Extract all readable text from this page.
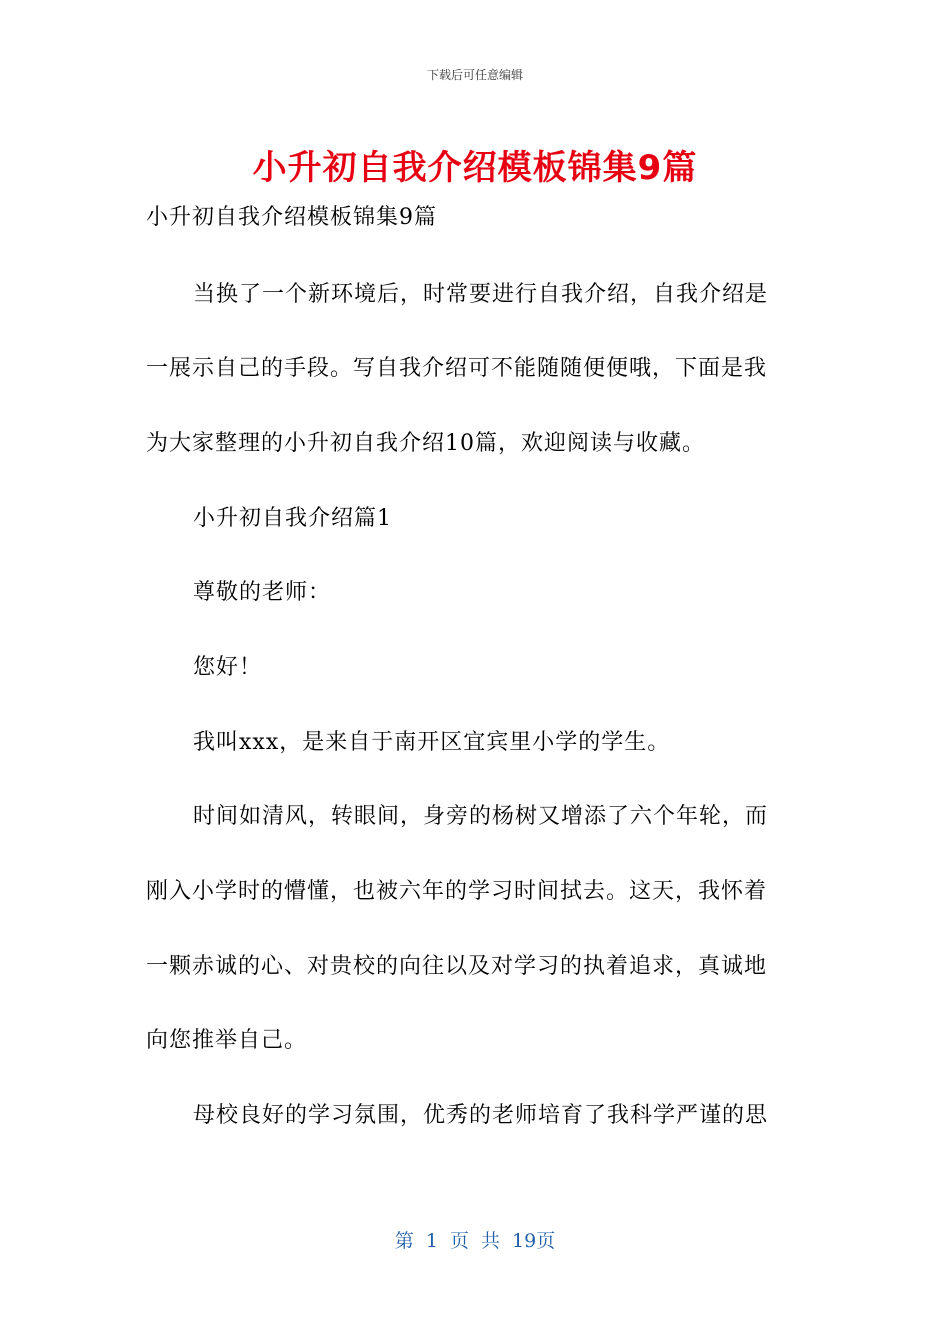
下载后可任意编辑
小升初自我介绍模板锦集9篇
小升初自我介绍模板锦集9篇
当换了一个新环境后，时常要进行自我介绍，自我介绍是
一展示自己的手段。写自我介绍可不能随随便便哦，下面是我
为大家整理的小升初自我介绍10篇，欢迎阅读与收藏。
小升初自我介绍篇1
尊敬的老师：
您好！
我叫xxx，是来自于南开区宜宾里小学的学生。
时间如清风，转眼间，身旁的杨树又增添了六个年轮，而
刚入小学时的懵懂，也被六年的学习时间拭去。这天，我怀着
一颗赤诚的心、对贵校的向往以及对学习的执着追求，真诚地
向您推举自己。
母校良好的学习氛围，优秀的老师培育了我科学严谨的思
第 1 页 共 19页
